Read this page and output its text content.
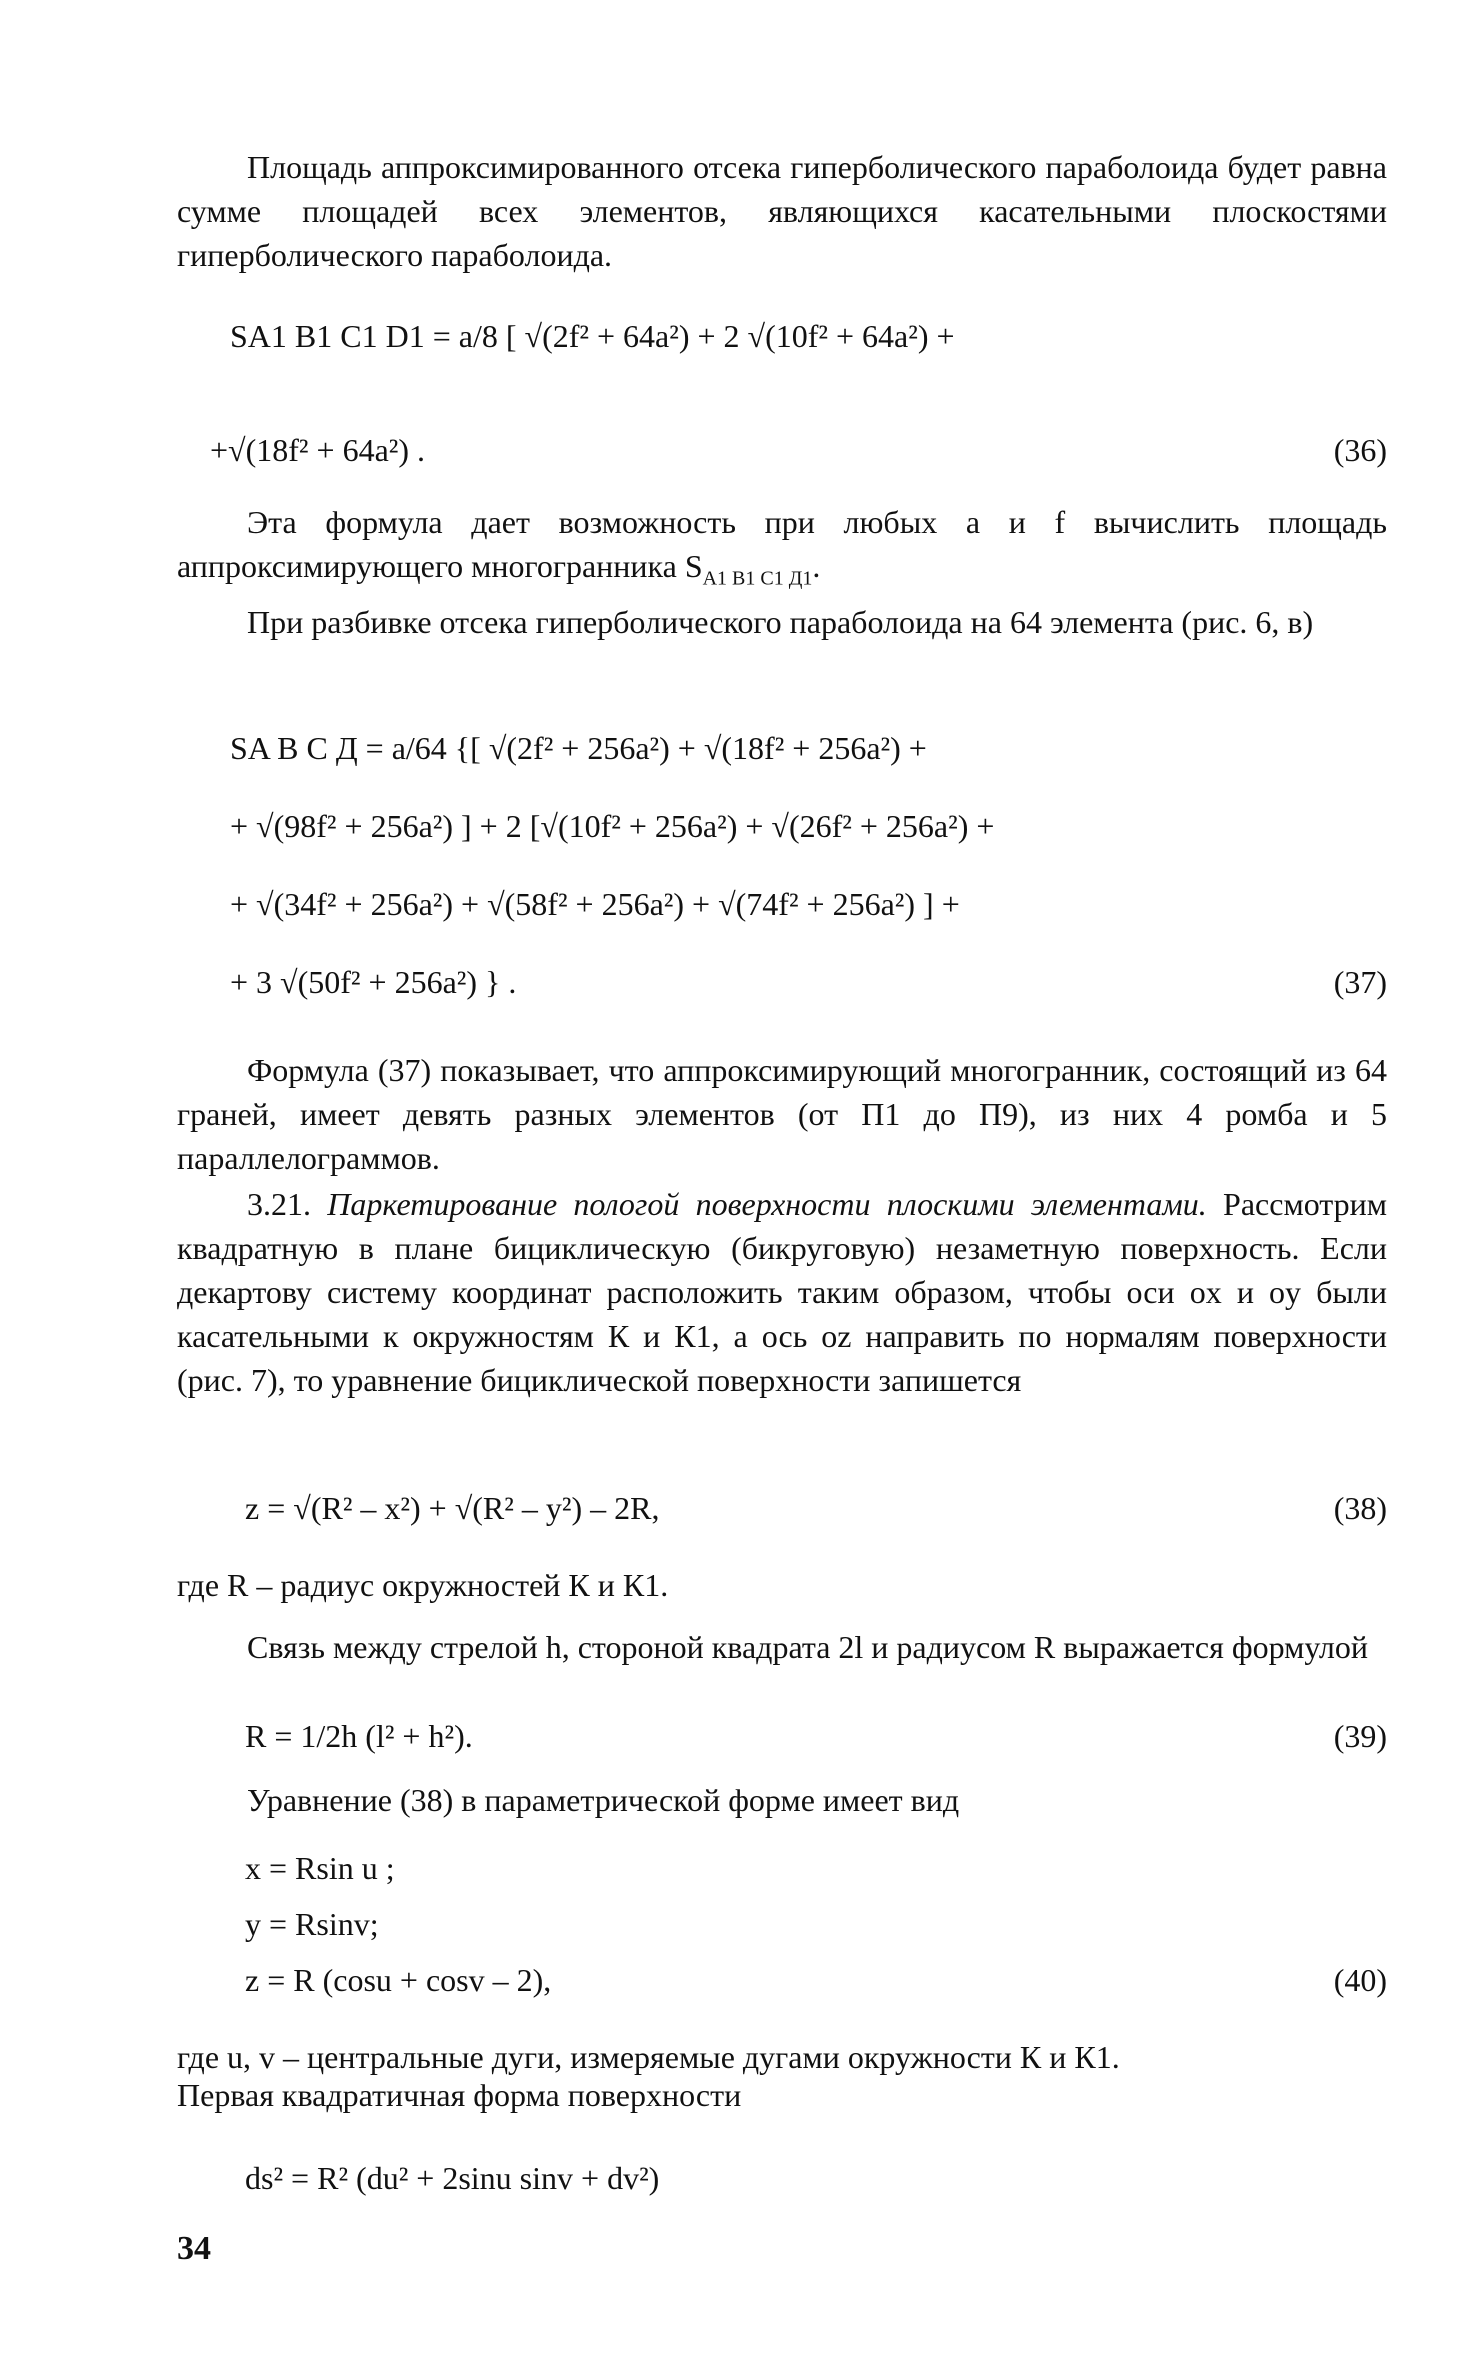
Площадь аппроксимированного отсека гиперболического параболоида будет равна сумме площадей всех элементов, являющихся касательными плоскостями гиперболического параболоида.

SA1 B1 C1 D1 = a/8 [ √(2f² + 64a²) + 2 √(10f² + 64a²) +
+√(18f² + 64a²) .	(36)

Эта формула дает возможность при любых a и f вычислить площадь аппроксимирующего многогранника $S_{A1 B1 C1 Д1}$.

При разбивке отсека гиперболического параболоида на 64 элемента (рис. 6, в)

SA B C Д = a/64 {[ √(2f² + 256a²) + √(18f² + 256a²) +
+ √(98f² + 256a²) ] + 2 [√(10f² + 256a²) + √(26f² + 256a²) +
+ √(34f² + 256a²) + √(58f² + 256a²) + √(74f² + 256a²) ] +
+ 3 √(50f² + 256a²) } .	(37)

Формула (37) показывает, что аппроксимирующий многогранник, состоящий из 64 граней, имеет девять разных элементов (от П1 до П9), из них 4 ромба и 5 параллелограммов.

3.21. Паркетирование пологой поверхности плоскими элементами. Рассмотрим квадратную в плане бициклическую (бикруговую) незаметную поверхность. Если декартову систему координат расположить таким образом, чтобы оси ox и oy были касательными к окружностям К и К1, а ось oz направить по нормалям поверхности (рис. 7), то уравнение бициклической поверхности запишется

z = √(R² – x²) + √(R² – y²) – 2R,	(38)

где R – радиус окружностей К и К1.

Связь между стрелой h, стороной квадрата 2l и радиусом R выражается формулой

R = 1/2h (l² + h²).	(39)

Уравнение (38) в параметрической форме имеет вид

x = Rsin u ;
y = Rsinv;
z = R (cosu + cosv – 2),	(40)

где u, v – центральные дуги, измеряемые дугами окружности К и К1.

Первая квадратичная форма поверхности

ds² = R² (du² + 2sinu sinv + dv²)
34
